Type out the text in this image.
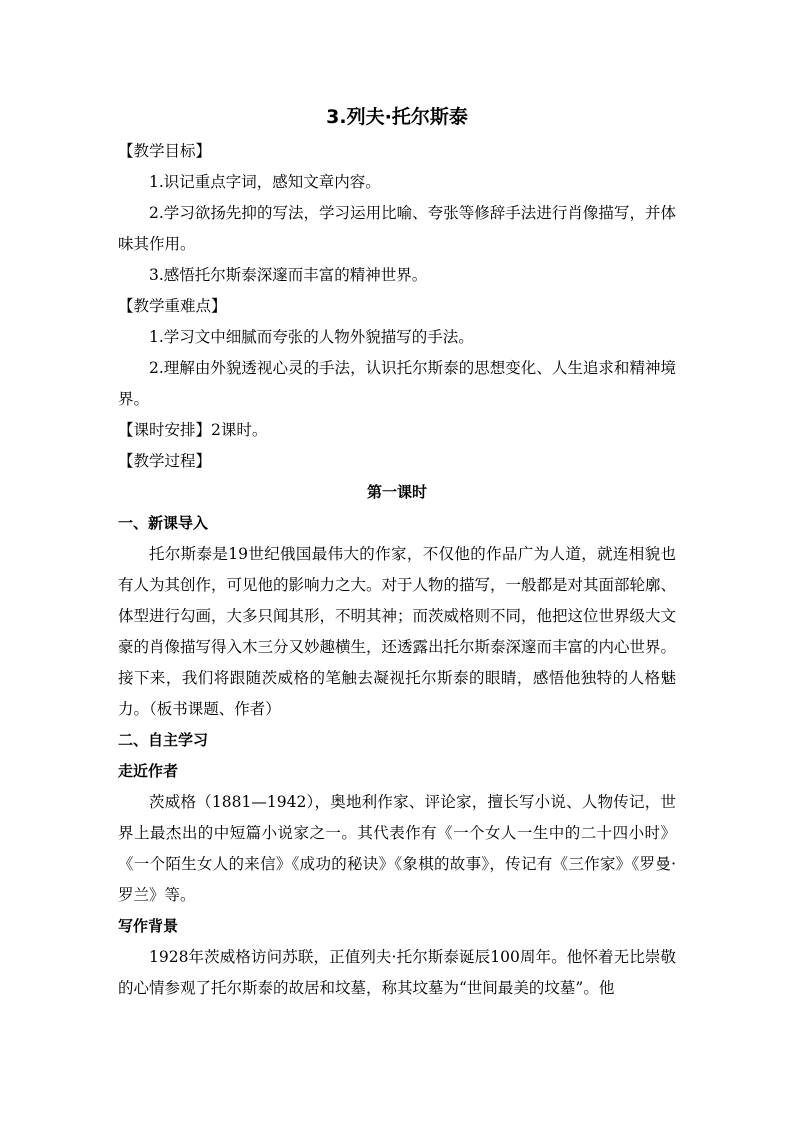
3.列夫·托尔斯泰

【教学目标】

1.识记重点字词，感知文章内容。

2.学习欲扬先抑的写法，学习运用比喻、夸张等修辞手法进行肖像描写，并体味其作用。

3.感悟托尔斯泰深邃而丰富的精神世界。

【教学重难点】

1.学习文中细腻而夸张的人物外貌描写的手法。

2.理解由外貌透视心灵的手法，认识托尔斯泰的思想变化、人生追求和精神境界。

【课时安排】2课时。

【教学过程】

第一课时

一、新课导入

托尔斯泰是19世纪俄国最伟大的作家，不仅他的作品广为人道，就连相貌也有人为其创作，可见他的影响力之大。对于人物的描写，一般都是对其面部轮廓、体型进行勾画，大多只闻其形，不明其神；而茨威格则不同，他把这位世界级大文豪的肖像描写得入木三分又妙趣横生，还透露出托尔斯泰深邃而丰富的内心世界。接下来，我们将跟随茨威格的笔触去凝视托尔斯泰的眼睛，感悟他独特的人格魅力。（板书课题、作者）

二、自主学习

走近作者

茨威格（1881—1942），奥地利作家、评论家，擅长写小说、人物传记，世界上最杰出的中短篇小说家之一。其代表作有《一个女人一生中的二十四小时》《一个陌生女人的来信》《成功的秘诀》《象棋的故事》，传记有《三作家》《罗曼·罗兰》等。

写作背景

1928年茨威格访问苏联，正值列夫·托尔斯泰诞辰100周年。他怀着无比崇敬的心情参观了托尔斯泰的故居和坟墓，称其坟墓为“世间最美的坟墓”。他
